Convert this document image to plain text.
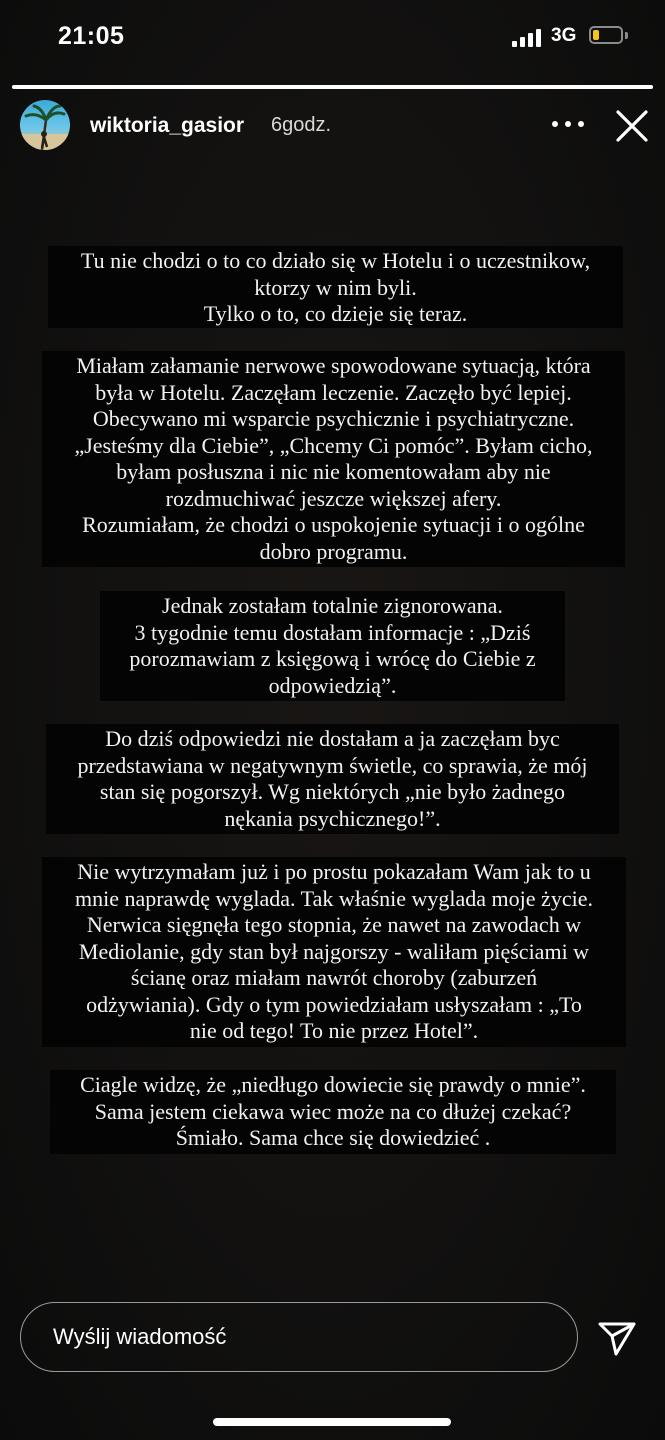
21:05	3G
wiktoria_gasior 6godz.
Tu nie chodzi o to co działo się w Hotelu i o uczestnikow,
ktorzy w nim byli.
Tylko o to, co dzieje się teraz.
Miałam załamanie nerwowe spowodowane sytuacją, która
była w Hotelu. Zaczęłam leczenie. Zaczęło być lepiej.
Obecywano mi wsparcie psychicznie i psychiatryczne.
„Jesteśmy dla Ciebie”, „Chcemy Ci pomóc”. Byłam cicho,
byłam posłuszna i nic nie komentowałam aby nie
rozdmuchiwać jeszcze większej afery.
Rozumiałam, że chodzi o uspokojenie sytuacji i o ogólne
dobro programu.
Jednak zostałam totalnie zignorowana.
3 tygodnie temu dostałam informacje : „Dziś
porozmawiam z księgową i wrócę do Ciebie z
odpowiedzią”.
Do dziś odpowiedzi nie dostałam a ja zaczęłam byc
przedstawiana w negatywnym świetle, co sprawia, że mój
stan się pogorszył. Wg niektórych „nie było żadnego
nękania psychicznego!”.
Nie wytrzymałam już i po prostu pokazałam Wam jak to u
mnie naprawdę wyglada. Tak właśnie wyglada moje życie.
Nerwica sięgnęła tego stopnia, że nawet na zawodach w
Mediolanie, gdy stan był najgorszy - waliłam pięściami w
ścianę oraz miałam nawrót choroby (zaburzeń
odżywiania). Gdy o tym powiedziałam usłyszałam : „To
nie od tego! To nie przez Hotel”.
Ciagle widzę, że „niedługo dowiecie się prawdy o mnie”.
Sama jestem ciekawa wiec może na co dłużej czekać?
Śmiało. Sama chce się dowiedzieć .
Wyślij wiadomość
